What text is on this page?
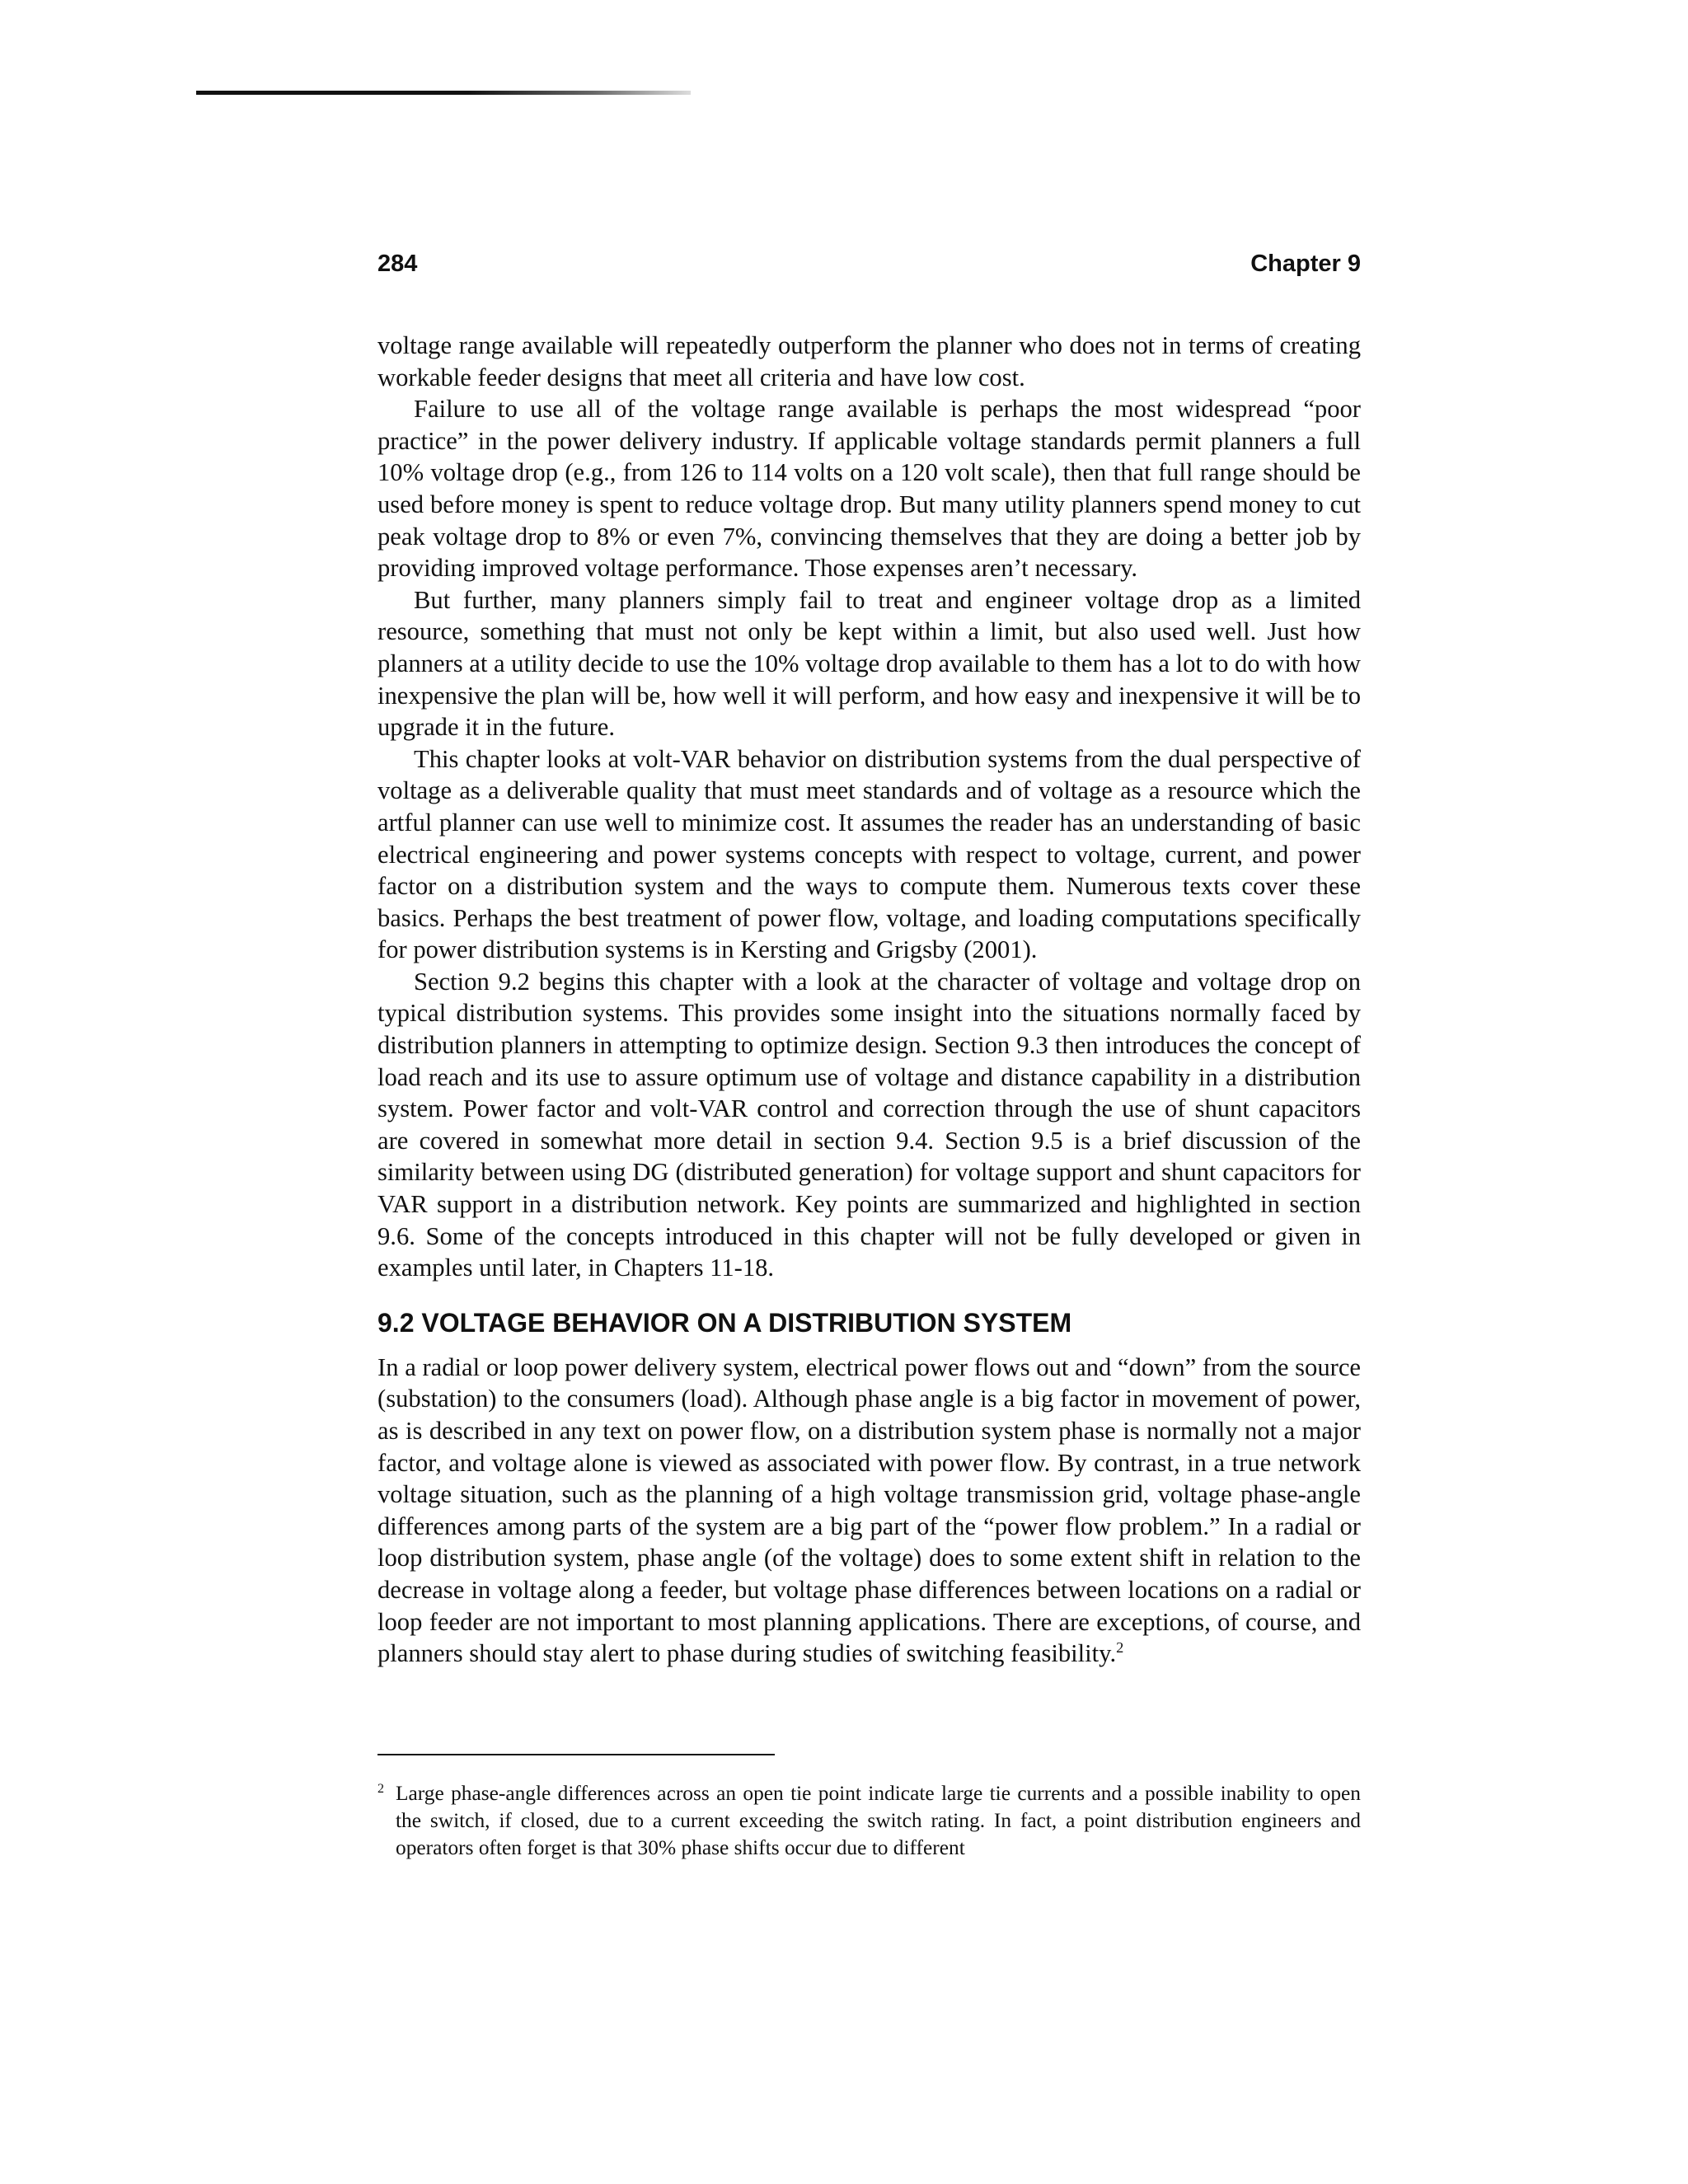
284	Chapter 9

voltage range available will repeatedly outperform the planner who does not in terms of creating workable feeder designs that meet all criteria and have low cost.

Failure to use all of the voltage range available is perhaps the most widespread “poor practice” in the power delivery industry. If applicable voltage standards permit planners a full 10% voltage drop (e.g., from 126 to 114 volts on a 120 volt scale), then that full range should be used before money is spent to reduce voltage drop. But many utility planners spend money to cut peak voltage drop to 8% or even 7%, convincing themselves that they are doing a better job by providing improved voltage performance. Those expenses aren’t necessary.

But further, many planners simply fail to treat and engineer voltage drop as a limited resource, something that must not only be kept within a limit, but also used well. Just how planners at a utility decide to use the 10% voltage drop available to them has a lot to do with how inexpensive the plan will be, how well it will perform, and how easy and inexpensive it will be to upgrade it in the future.

This chapter looks at volt-VAR behavior on distribution systems from the dual perspective of voltage as a deliverable quality that must meet standards and of voltage as a resource which the artful planner can use well to minimize cost. It assumes the reader has an understanding of basic electrical engineering and power systems concepts with respect to voltage, current, and power factor on a distribution system and the ways to compute them. Numerous texts cover these basics. Perhaps the best treatment of power flow, voltage, and loading computations specifically for power distribution systems is in Kersting and Grigsby (2001).

Section 9.2 begins this chapter with a look at the character of voltage and voltage drop on typical distribution systems. This provides some insight into the situations normally faced by distribution planners in attempting to optimize design. Section 9.3 then introduces the concept of load reach and its use to assure optimum use of voltage and distance capability in a distribution system. Power factor and volt-VAR control and correction through the use of shunt capacitors are covered in somewhat more detail in section 9.4. Section 9.5 is a brief discussion of the similarity between using DG (distributed generation) for voltage support and shunt capacitors for VAR support in a distribution network. Key points are summarized and highlighted in section 9.6. Some of the concepts introduced in this chapter will not be fully developed or given in examples until later, in Chapters 11-18.

9.2 VOLTAGE BEHAVIOR ON A DISTRIBUTION SYSTEM

In a radial or loop power delivery system, electrical power flows out and “down” from the source (substation) to the consumers (load). Although phase angle is a big factor in movement of power, as is described in any text on power flow, on a distribution system phase is normally not a major factor, and voltage alone is viewed as associated with power flow. By contrast, in a true network voltage situation, such as the planning of a high voltage transmission grid, voltage phase-angle differences among parts of the system are a big part of the “power flow problem.” In a radial or loop distribution system, phase angle (of the voltage) does to some extent shift in relation to the decrease in voltage along a feeder, but voltage phase differences between locations on a radial or loop feeder are not important to most planning applications. There are exceptions, of course, and planners should stay alert to phase during studies of switching feasibility.$^2$

2 Large phase-angle differences across an open tie point indicate large tie currents and a possible inability to open the switch, if closed, due to a current exceeding the switch rating. In fact, a point distribution engineers and operators often forget is that 30% phase shifts occur due to different
